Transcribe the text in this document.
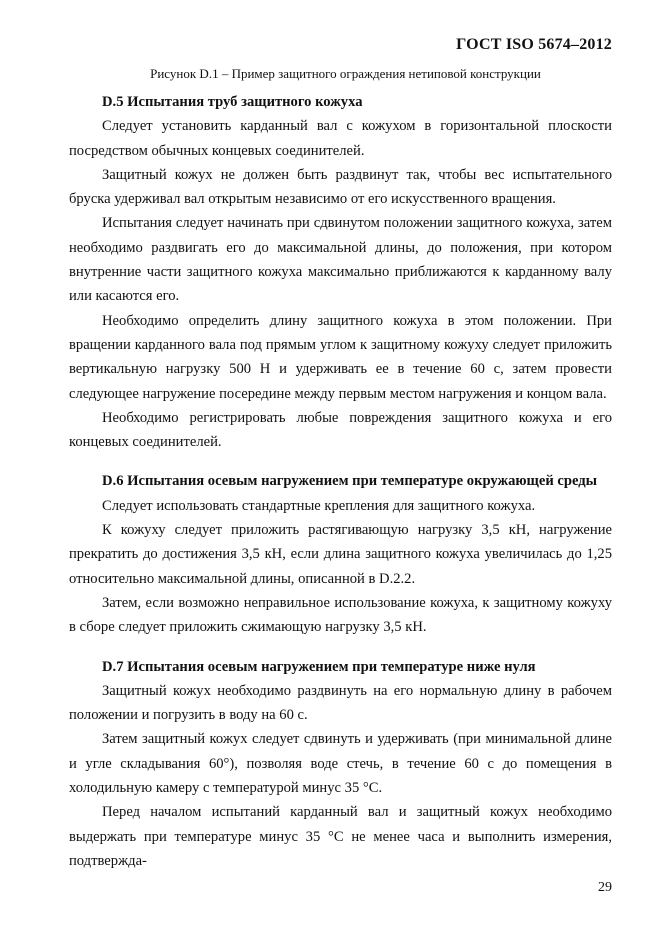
ГОСТ ISO 5674–2012
Рисунок D.1 – Пример защитного ограждения нетиповой конструкции
D.5 Испытания труб защитного кожуха

Следует установить карданный вал с кожухом в горизонтальной плоскости посредством обычных концевых соединителей.

Защитный кожух не должен быть раздвинут так, чтобы вес испытательного бруска удерживал вал открытым независимо от его искусственного вращения.

Испытания следует начинать при сдвинутом положении защитного кожуха, затем необходимо раздвигать его до максимальной длины, до положения, при котором внутренние части защитного кожуха максимально приближаются к карданному валу или касаются его.

Необходимо определить длину защитного кожуха в этом положении. При вращении карданного вала под прямым углом к защитному кожуху следует приложить вертикальную нагрузку 500 Н и удерживать ее в течение 60 с, затем провести следующее нагружение посередине между первым местом нагружения и концом вала.

Необходимо регистрировать любые повреждения защитного кожуха и его концевых соединителей.

D.6 Испытания осевым нагружением при температуре окружающей среды

Следует использовать стандартные крепления для защитного кожуха.

К кожуху следует приложить растягивающую нагрузку 3,5 кН, нагружение прекратить до достижения 3,5 кН, если длина защитного кожуха увеличилась до 1,25 относительно максимальной длины, описанной в D.2.2.

Затем, если возможно неправильное использование кожуха, к защитному кожуху в сборе следует приложить сжимающую нагрузку 3,5 кН.

D.7 Испытания осевым нагружением при температуре ниже нуля

Защитный кожух необходимо раздвинуть на его нормальную длину в рабочем положении и погрузить в воду на 60 с.

Затем защитный кожух следует сдвинуть и удерживать (при минимальной длине и угле складывания 60°), позволяя воде стечь, в течение 60 с до помещения в холодильную камеру с температурой минус 35 °С.

Перед началом испытаний карданный вал и защитный кожух необходимо выдержать при температуре минус 35 °С не менее часа и выполнить измерения, подтвержда-

29
